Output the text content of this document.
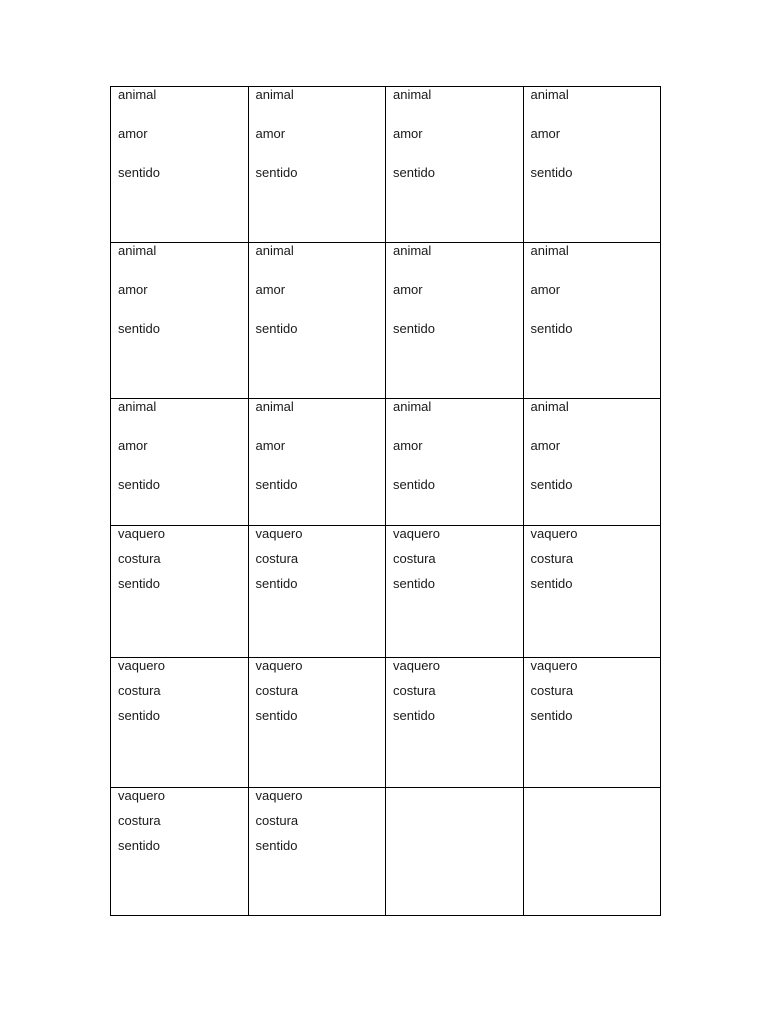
animal
amor
sentido	animal
amor
sentido	animal
amor
sentido	animal
amor
sentido

animal
amor
sentido	animal
amor
sentido	animal
amor
sentido	animal
amor
sentido

animal
amor
sentido	animal
amor
sentido	animal
amor
sentido	animal
amor
sentido

vaquero
costura
sentido	vaquero
costura
sentido	vaquero
costura
sentido	vaquero
costura
sentido

vaquero
costura
sentido	vaquero
costura
sentido	vaquero
costura
sentido	vaquero
costura
sentido

vaquero
costura
sentido	vaquero
costura
sentido		
